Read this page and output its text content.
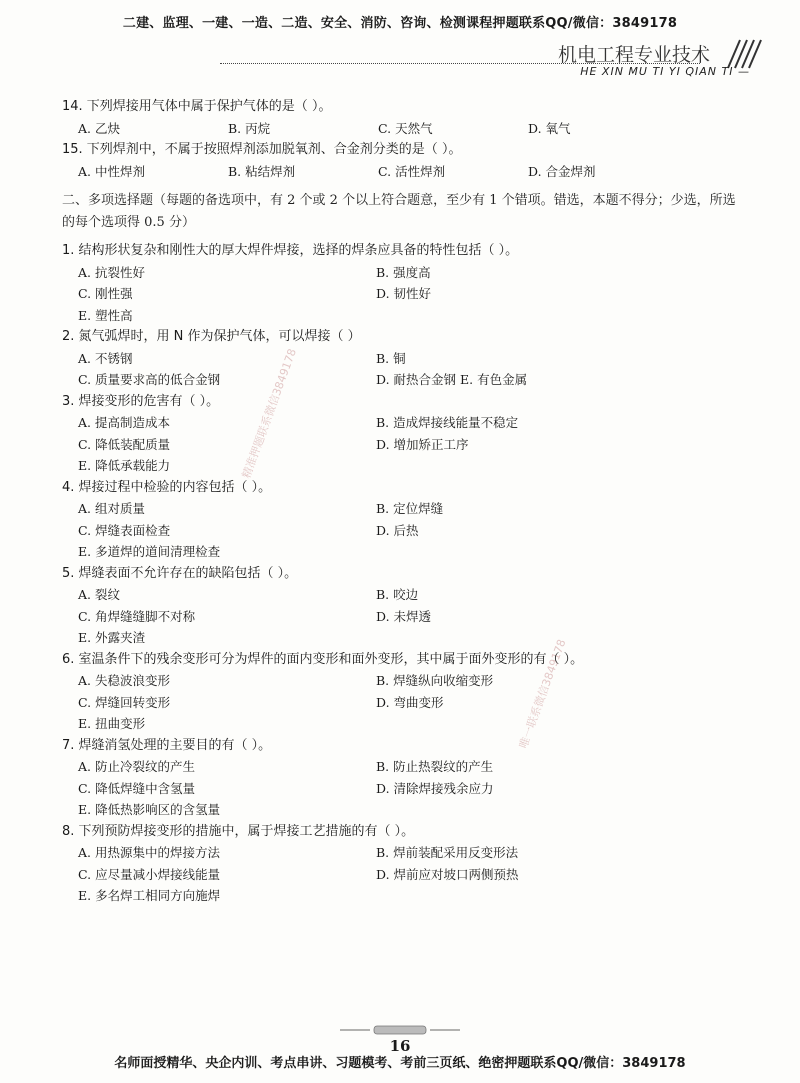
二建、监理、一建、一造、二造、安全、消防、咨询、检测课程押题联系QQ/微信：3849178
机电工程专业技术
HE XIN MU TI YI QIAN TI —
精准押题联系微信3849178
唯一联系微信3849178
14. 下列焊接用气体中属于保护气体的是（ ）。
A. 乙炔	B. 丙烷	C. 天然气	D. 氧气
15. 下列焊剂中，不属于按照焊剂添加脱氧剂、合金剂分类的是（ ）。
A. 中性焊剂	B. 粘结焊剂	C. 活性焊剂	D. 合金焊剂
二、多项选择题（每题的备选项中，有 2 个或 2 个以上符合题意，至少有 1 个错项。错选，本题不得分；少选，所选的每个选项得 0.5 分）
1. 结构形状复杂和刚性大的厚大焊件焊接，选择的焊条应具备的特性包括（ ）。
A. 抗裂性好	B. 强度高
C. 刚性强	D. 韧性好
E. 塑性高
2. 氮气弧焊时，用 N 作为保护气体，可以焊接（ ）
A. 不锈钢	B. 铜
C. 质量要求高的低合金钢	D. 耐热合金钢 E. 有色金属
3. 焊接变形的危害有（ ）。
A. 提高制造成本	B. 造成焊接线能量不稳定
C. 降低装配质量	D. 增加矫正工序
E. 降低承载能力
4. 焊接过程中检验的内容包括（ ）。
A. 组对质量	B. 定位焊缝
C. 焊缝表面检查	D. 后热
E. 多道焊的道间清理检查
5. 焊缝表面不允许存在的缺陷包括（ ）。
A. 裂纹	B. 咬边
C. 角焊缝缝脚不对称	D. 未焊透
E. 外露夹渣
6. 室温条件下的残余变形可分为焊件的面内变形和面外变形，其中属于面外变形的有（ ）。
A. 失稳波浪变形	B. 焊缝纵向收缩变形
C. 焊缝回转变形	D. 弯曲变形
E. 扭曲变形
7. 焊缝消氢处理的主要目的有（ ）。
A. 防止冷裂纹的产生	B. 防止热裂纹的产生
C. 降低焊缝中含氢量	D. 清除焊接残余应力
E. 降低热影响区的含氢量
8. 下列预防焊接变形的措施中，属于焊接工艺措施的有（ ）。
A. 用热源集中的焊接方法	B. 焊前装配采用反变形法
C. 应尽量减小焊接线能量	D. 焊前应对坡口两侧预热
E. 多名焊工相同方向施焊
16
名师面授精华、央企内训、考点串讲、习题模考、考前三页纸、绝密押题联系QQ/微信：3849178
